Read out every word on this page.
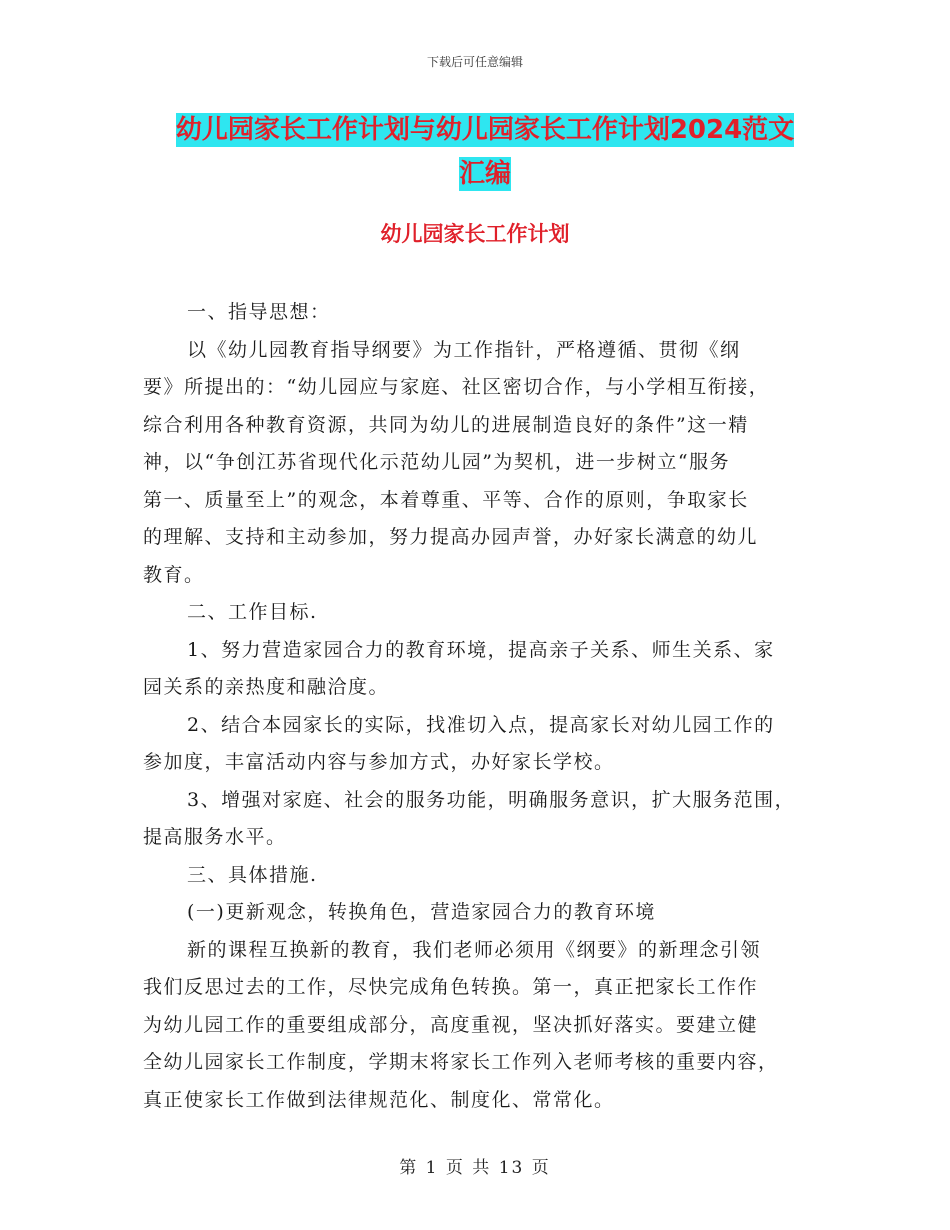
下载后可任意编辑
幼儿园家长工作计划与幼儿园家长工作计划2024范文
汇编
幼儿园家长工作计划
一、指导思想：
以《幼儿园教育指导纲要》为工作指针，严格遵循、贯彻《纲
要》所提出的：“幼儿园应与家庭、社区密切合作，与小学相互衔接，
综合利用各种教育资源，共同为幼儿的进展制造良好的条件”这一精
神，以“争创江苏省现代化示范幼儿园”为契机，进一步树立“服务
第一、质量至上”的观念，本着尊重、平等、合作的原则，争取家长
的理解、支持和主动参加，努力提高办园声誉，办好家长满意的幼儿
教育。
二、工作目标.
1、努力营造家园合力的教育环境，提高亲子关系、师生关系、家
园关系的亲热度和融洽度。
2、结合本园家长的实际，找准切入点，提高家长对幼儿园工作的
参加度，丰富活动内容与参加方式，办好家长学校。
3、增强对家庭、社会的服务功能，明确服务意识，扩大服务范围，
提高服务水平。
三、具体措施.
(一)更新观念，转换角色，营造家园合力的教育环境
新的课程互换新的教育，我们老师必须用《纲要》的新理念引领
我们反思过去的工作，尽快完成角色转换。第一，真正把家长工作作
为幼儿园工作的重要组成部分，高度重视，坚决抓好落实。要建立健
全幼儿园家长工作制度，学期末将家长工作列入老师考核的重要内容，
真正使家长工作做到法律规范化、制度化、常常化。
第 1 页 共 13 页
